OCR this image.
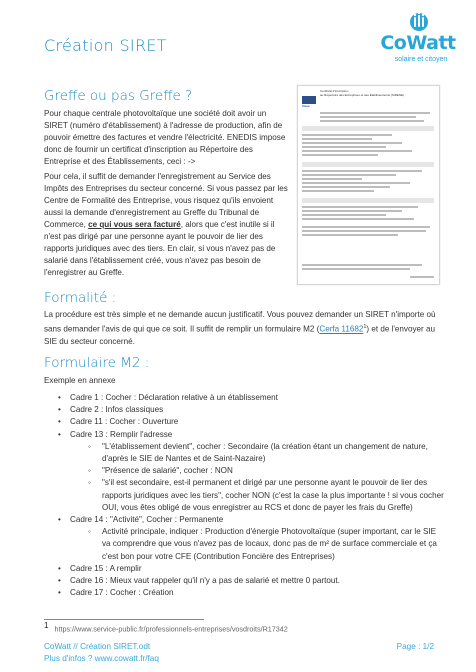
Création SIRET	CoWatt
solaire et citoyen
Greffe ou pas Greffe ?

Pour chaque centrale photovoltaïque une société doit avoir un SIRET (numéro d'établissement) à l'adresse de production, afin de pouvoir émettre des factures et vendre l'électricité. ENEDIS impose donc de fournir un certificat d'inscription au Répertoire des Entreprise et des Établissements, ceci : ->

Pour cela, il suffit de demander l'enregistrement au Service des Impôts des Entreprises du secteur concerné. Si vous passez par les Centre de Formalité des Entreprise, vous risquez qu'ils envoient aussi la demande d'enregistrement au Greffe du Tribunal de Commerce, ce qui vous sera facturé, alors que c'est inutile si il n'est pas dirigé par une personne ayant le pouvoir de lier des rapports juridiques avec des tiers. En clair, si vous n'avez pas de salarié dans l'établissement créé, vous n'avez pas besoin de l'enregistrer au Greffe.

Certificat d'inscription
au Répertoire des Entreprises et des Établissements (SIRENE)
Insee
Formalité :

La procédure est très simple et ne demande aucun justificatif. Vous pouvez demander un SIRET n'importe où sans demander l'avis de qui que ce soit. Il suffit de remplir un formulaire M2 (Cerfa 11682$^1$) et de l'envoyer au SIE du secteur concerné.

Formulaire M2 :

Exemple en annexe

• Cadre 1 : Cocher : Déclaration relative à un établissement
• Cadre 2 : Infos classiques
• Cadre 11 : Cocher : Ouverture
• Cadre 13 : Remplir l'adresse
◦ "L'établissement devient", cocher : Secondaire (la création étant un changement de nature, d'après le SIE de Nantes et de Saint-Nazaire)
◦ "Présence de salarié", cocher : NON
◦ "s'il est secondaire, est-il permanent et dirigé par une personne ayant le pouvoir de lier des rapports juridiques avec les tiers", cocher NON (c'est la case la plus importante ! si vous cocher OUI, vous êtes obligé de vous enregistrer au RCS et donc de payer les frais du Greffe)
• Cadre 14 : "Activité", Cocher : Permanente
◦ Activité principale, indiquer : Production d'énergie Photovoltaïque (super important, car le SIE va comprendre que vous n'avez pas de locaux, donc pas de m² de surface commerciale et ça c'est bon pour votre CFE (Contribution Foncière des Entreprises)
• Cadre 15 : A remplir
• Cadre 16 : Mieux vaut rappeler qu'il n'y a pas de salarié et mettre 0 partout.
• Cadre 17 : Cocher : Création
$^1$ https://www.service-public.fr/professionnels-entreprises/vosdroits/R17342
CoWatt // Création SIRET.odt
Plus d'infos ? www.cowatt.fr/faq
Page : 1/2
